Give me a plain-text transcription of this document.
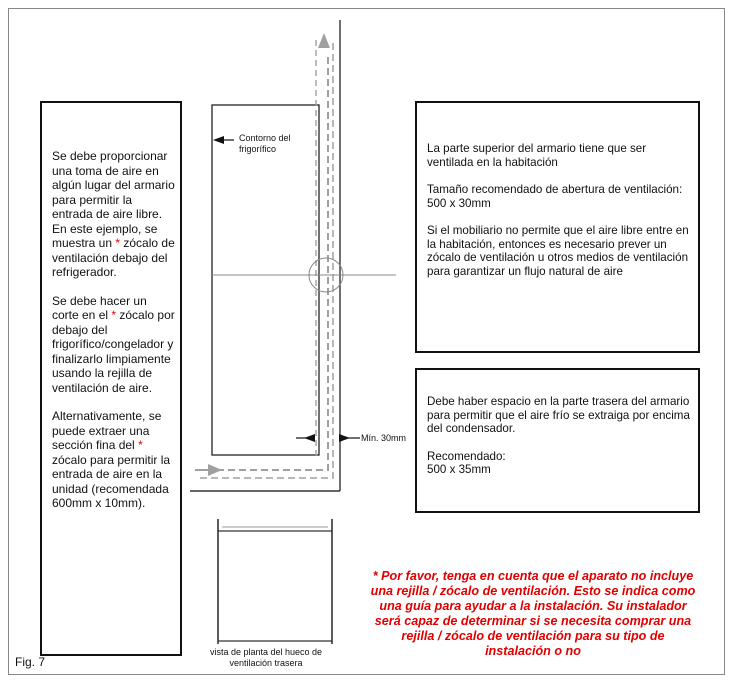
Se debe proporcionar una toma de aire en algún lugar del armario para permitir la entrada de aire libre. En este ejemplo, se muestra un * zócalo de ventilación debajo del refrigerador.

Se debe hacer un corte en el * zócalo por debajo del frigorífico/congelador y finalizarlo limpiamente usando la rejilla de ventilación de aire.

Alternativamente, se puede extraer una sección fina del * zócalo para permitir la entrada de aire en la unidad (recomendada 600mm x 10mm).

La parte superior del armario tiene que ser ventilada en la habitación

Tamaño recomendado de abertura de ventilación:
500 x 30mm

Si el mobiliario no permite que el aire libre entre en la habitación, entonces es necesario prever un zócalo de ventilación u otros medios de ventilación para garantizar un flujo natural de aire

Debe haber espacio en la parte trasera del armario para permitir que el aire frío se extraiga por encima del condensador.

Recomendado:
500 x 35mm

Contorno del frigorífico
Mín. 30mm
vista de planta del hueco de ventilación trasera
Fig. 7
* Por favor, tenga en cuenta que el aparato no incluye una rejilla / zócalo de ventilación. Esto se indica como una guía para ayudar a la instalación. Su instalador será capaz de determinar si se necesita comprar una rejilla / zócalo de ventilación para su tipo de instalación o no
